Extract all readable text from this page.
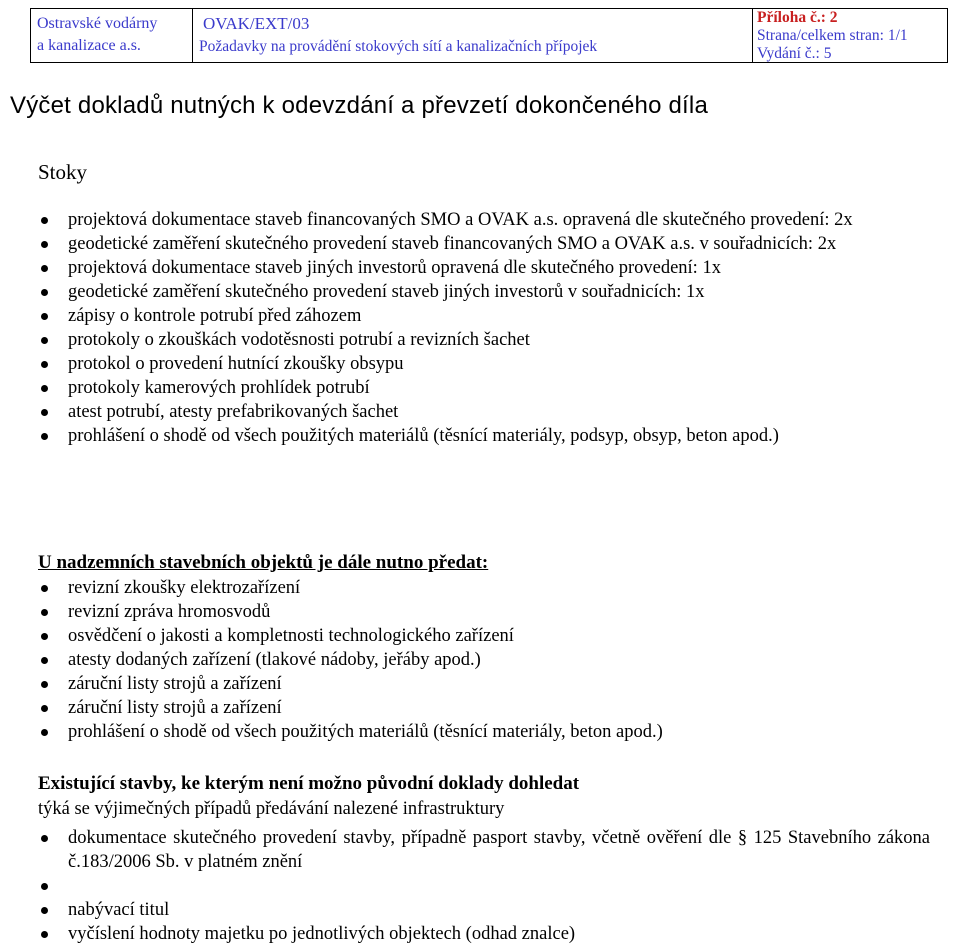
Ostravské vodárny
a kanalizace a.s.
OVAK/EXT/03
Požadavky na provádění stokových sítí a kanalizačních přípojek
Příloha č.: 2
Strana/celkem stran: 1/1
Vydání č.: 5
Výčet dokladů nutných k odevzdání a převzetí dokončeného díla
Stoky
projektová dokumentace staveb financovaných SMO a OVAK a.s. opravená dle skutečného provedení: 2x
geodetické zaměření skutečného provedení staveb financovaných SMO a OVAK a.s. v souřadnicích: 2x
projektová dokumentace staveb jiných investorů opravená dle skutečného provedení: 1x
geodetické zaměření skutečného provedení staveb jiných investorů v souřadnicích: 1x
zápisy o kontrole potrubí před záhozem
protokoly o zkouškách vodotěsnosti potrubí a revizních šachet
protokol o provedení hutnící zkoušky obsypu
protokoly kamerových prohlídek potrubí
atest potrubí, atesty prefabrikovaných šachet
prohlášení o shodě od všech použitých materiálů (těsnící materiály, podsyp, obsyp, beton apod.)
U nadzemních stavebních objektů je dále nutno předat:
revizní zkoušky elektrozařízení
revizní zpráva hromosvodů
osvědčení o jakosti a kompletnosti technologického zařízení
atesty dodaných zařízení (tlakové nádoby, jeřáby apod.)
záruční listy strojů a zařízení
záruční listy strojů a zařízení
prohlášení o shodě od všech použitých materiálů (těsnící materiály, beton apod.)
Existující stavby, ke kterým není možno původní doklady dohledat
týká se výjimečných případů předávání nalezené infrastruktury
dokumentace skutečného provedení stavby, případně pasport stavby, včetně ověření dle § 125 Stavebního zákona č.183/2006 Sb. v platném znění

nabývací titul
vyčíslení hodnoty majetku po jednotlivých objektech (odhad znalce)
